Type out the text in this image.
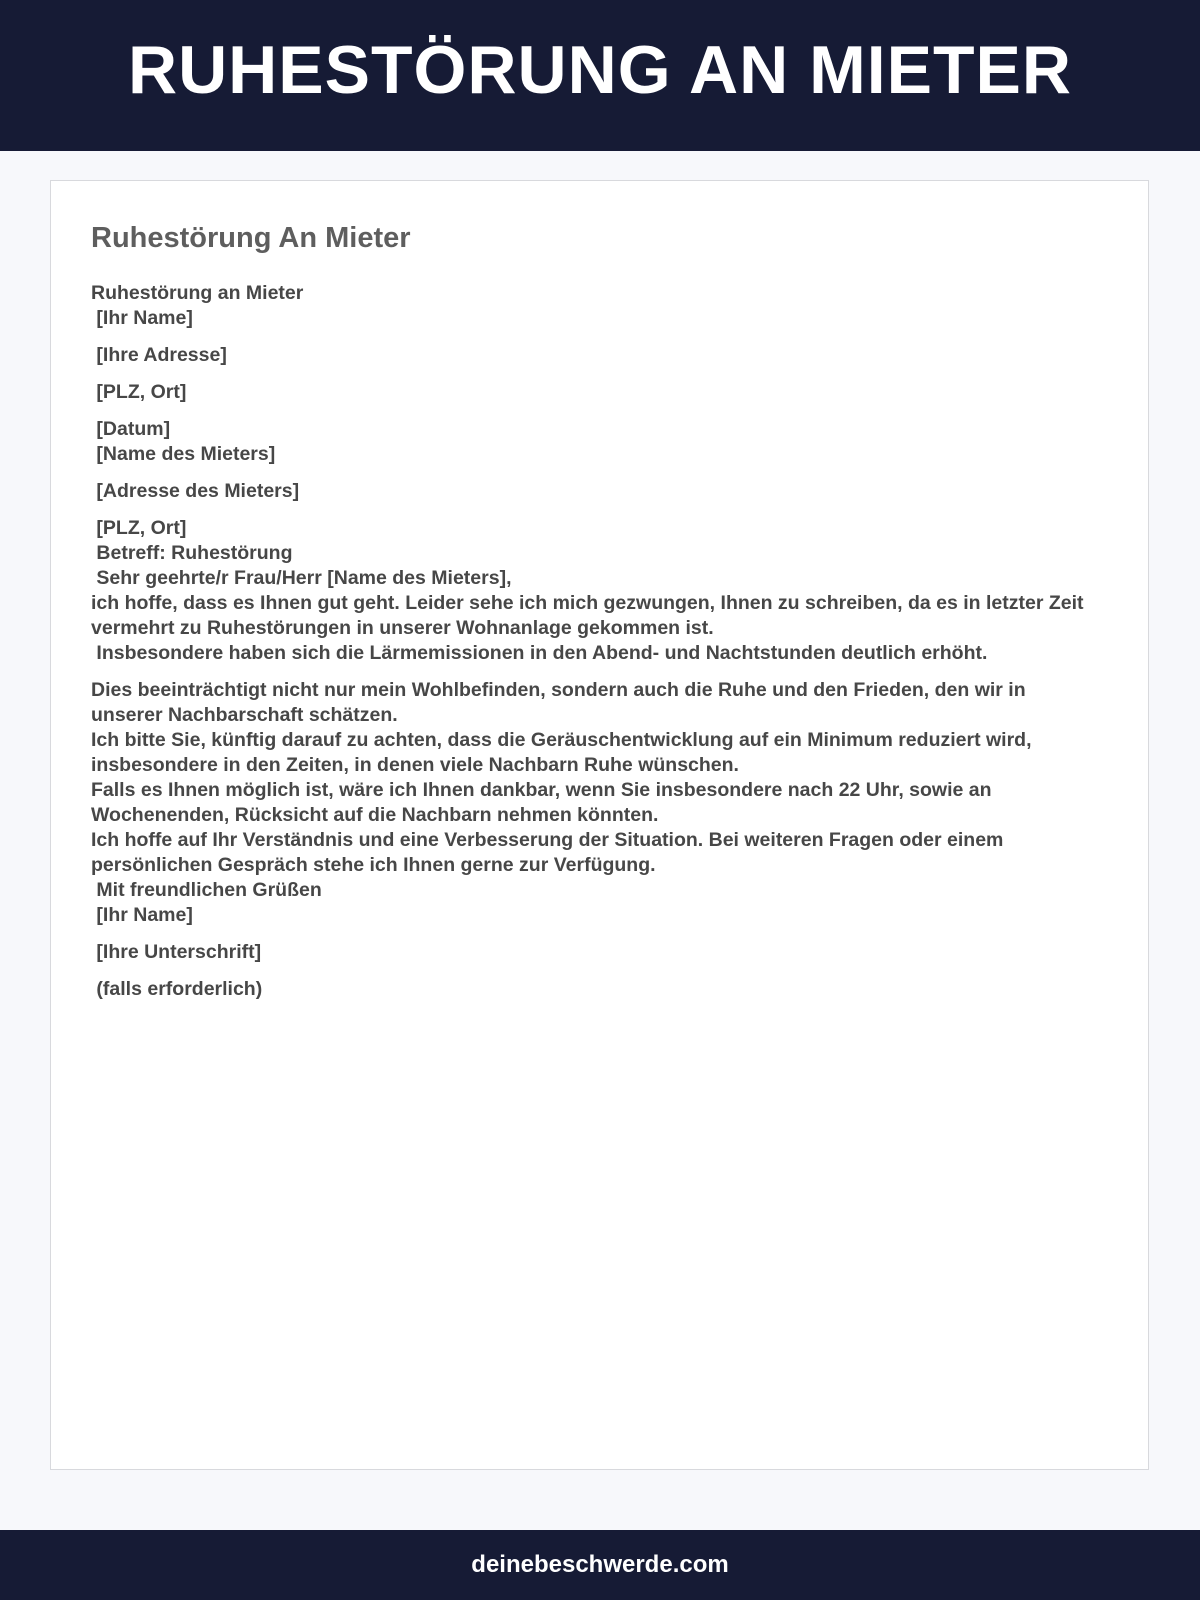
RUHESTÖRUNG AN MIETER
Ruhestörung An Mieter
Ruhestörung an Mieter
[Ihr Name]
[Ihre Adresse]
[PLZ, Ort]
[Datum]
[Name des Mieters]
[Adresse des Mieters]
[PLZ, Ort]
Betreff: Ruhestörung
Sehr geehrte/r Frau/Herr [Name des Mieters],
ich hoffe, dass es Ihnen gut geht. Leider sehe ich mich gezwungen, Ihnen zu schreiben, da es in letzter Zeit vermehrt zu Ruhestörungen in unserer Wohnanlage gekommen ist.
Insbesondere haben sich die Lärmemissionen in den Abend- und Nachtstunden deutlich erhöht.
Dies beeinträchtigt nicht nur mein Wohlbefinden, sondern auch die Ruhe und den Frieden, den wir in unserer Nachbarschaft schätzen.
Ich bitte Sie, künftig darauf zu achten, dass die Geräuschentwicklung auf ein Minimum reduziert wird, insbesondere in den Zeiten, in denen viele Nachbarn Ruhe wünschen.
Falls es Ihnen möglich ist, wäre ich Ihnen dankbar, wenn Sie insbesondere nach 22 Uhr, sowie an Wochenenden, Rücksicht auf die Nachbarn nehmen könnten.
Ich hoffe auf Ihr Verständnis und eine Verbesserung der Situation. Bei weiteren Fragen oder einem persönlichen Gespräch stehe ich Ihnen gerne zur Verfügung.
Mit freundlichen Grüßen
[Ihr Name]
[Ihre Unterschrift]
(falls erforderlich)
deinebeschwerde.com
